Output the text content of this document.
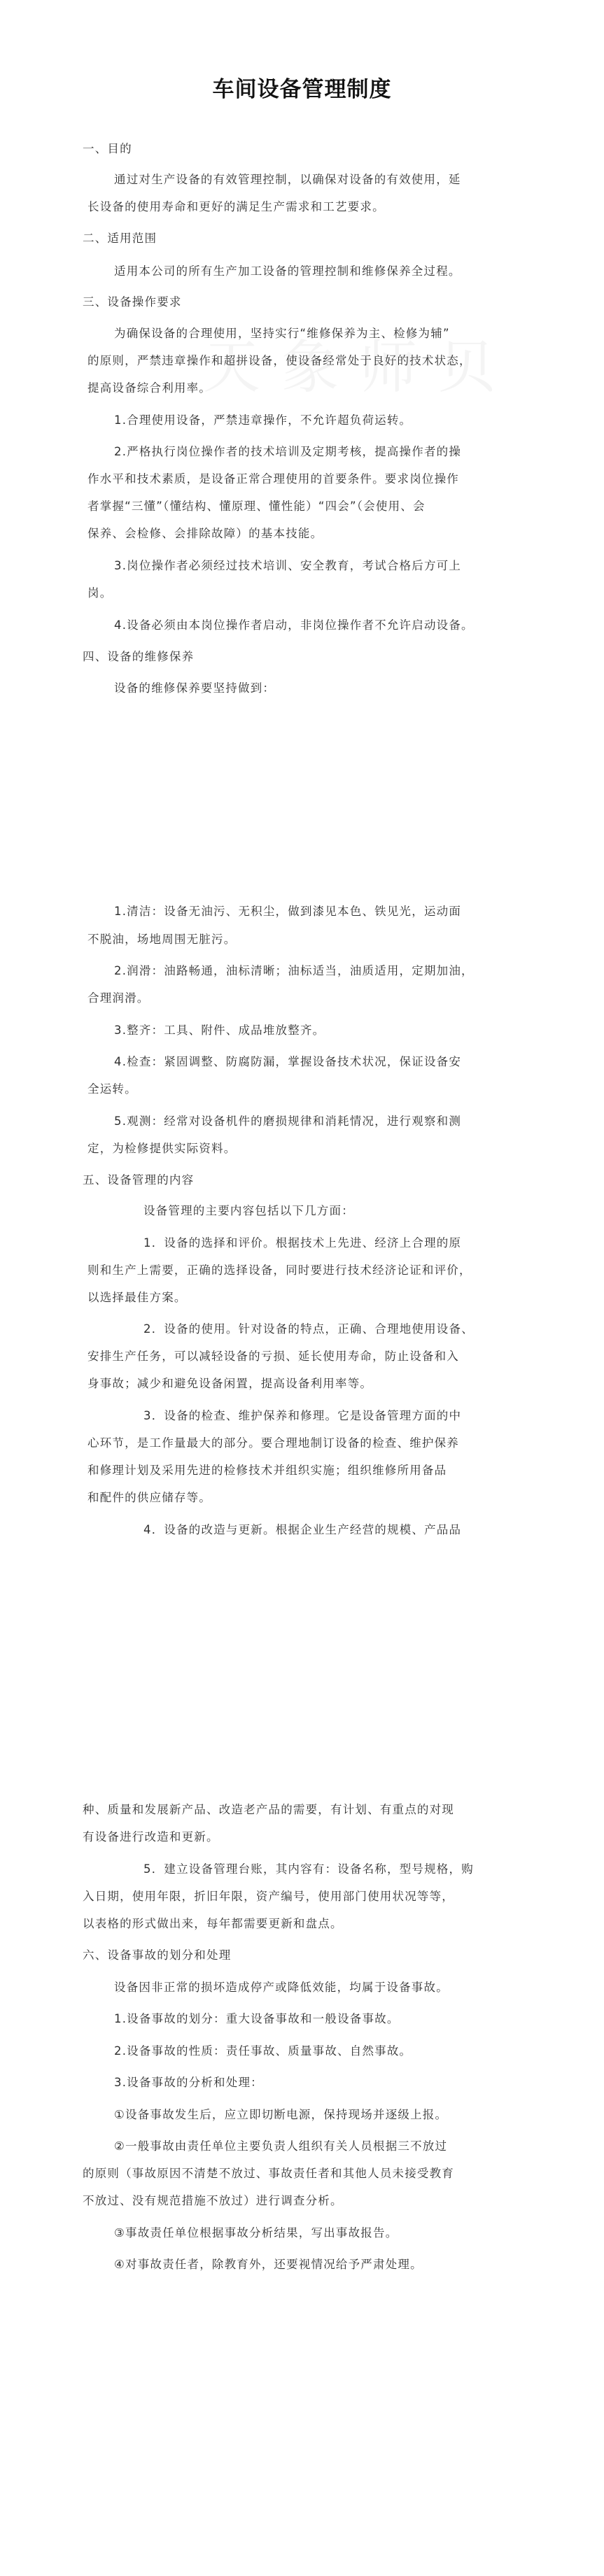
车间设备管理制度
一、目的
通过对生产设备的有效管理控制，以确保对设备的有效使用，延
长设备的使用寿命和更好的满足生产需求和工艺要求。
二、适用范围
适用本公司的所有生产加工设备的管理控制和维修保养全过程。
三、设备操作要求
为确保设备的合理使用，坚持实行“维修保养为主、检修为辅”
的原则，严禁违章操作和超拼设备，使设备经常处于良好的技术状态，
提高设备综合利用率。
1.合理使用设备，严禁违章操作，不允许超负荷运转。
2.严格执行岗位操作者的技术培训及定期考核，提高操作者的操
作水平和技术素质，是设备正常合理使用的首要条件。要求岗位操作
者掌握“三懂”（懂结构、懂原理、懂性能）“四会”（会使用、会
保养、会检修、会排除故障）的基本技能。
3.岗位操作者必须经过技术培训、安全教育，考试合格后方可上
岗。
4.设备必须由本岗位操作者启动，非岗位操作者不允许启动设备。
四、设备的维修保养
设备的维修保养要坚持做到：
1.清洁：设备无油污、无积尘，做到漆见本色、铁见光，运动面
不脱油，场地周围无脏污。
2.润滑：油路畅通，油标清晰；油标适当，油质适用，定期加油，
合理润滑。
3.整齐：工具、附件、成品堆放整齐。
4.检查：紧固调整、防腐防漏，掌握设备技术状况，保证设备安
全运转。
5.观测：经常对设备机件的磨损规律和消耗情况，进行观察和测
定，为检修提供实际资料。
五、设备管理的内容
设备管理的主要内容包括以下几方面：
1．设备的选择和评价。根据技术上先进、经济上合理的原
则和生产上需要，正确的选择设备，同时要进行技术经济论证和评价，
以选择最佳方案。
2．设备的使用。针对设备的特点，正确、合理地使用设备、
安排生产任务，可以减轻设备的亏损、延长使用寿命，防止设备和入
身事故；减少和避免设备闲置，提高设备利用率等。
3．设备的检查、维护保养和修理。它是设备管理方面的中
心环节，是工作量最大的部分。要合理地制订设备的检查、维护保养
和修理计划及采用先进的检修技术并组织实施；组织维修所用备品
和配件的供应储存等。
4．设备的改造与更新。根据企业生产经营的规模、产品品
种、质量和发展新产品、改造老产品的需要，有计划、有重点的对现
有设备进行改造和更新。
5．建立设备管理台账，其内容有：设备名称，型号规格，购
入日期，使用年限，折旧年限，资产编号，使用部门使用状况等等，
以表格的形式做出来，每年都需要更新和盘点。
六、设备事故的划分和处理
设备因非正常的损坏造成停产或降低效能，均属于设备事故。
1.设备事故的划分：重大设备事故和一般设备事故。
2.设备事故的性质：责任事故、质量事故、自然事故。
3.设备事故的分析和处理：
①设备事故发生后，应立即切断电源，保持现场并逐级上报。
②一般事故由责任单位主要负责人组织有关人员根据三不放过
的原则（事故原因不清楚不放过、事故责任者和其他人员未接受教育
不放过、没有规范措施不放过）进行调查分析。
③事故责任单位根据事故分析结果，写出事故报告。
④对事故责任者，除教育外，还要视情况给予严肃处理。
